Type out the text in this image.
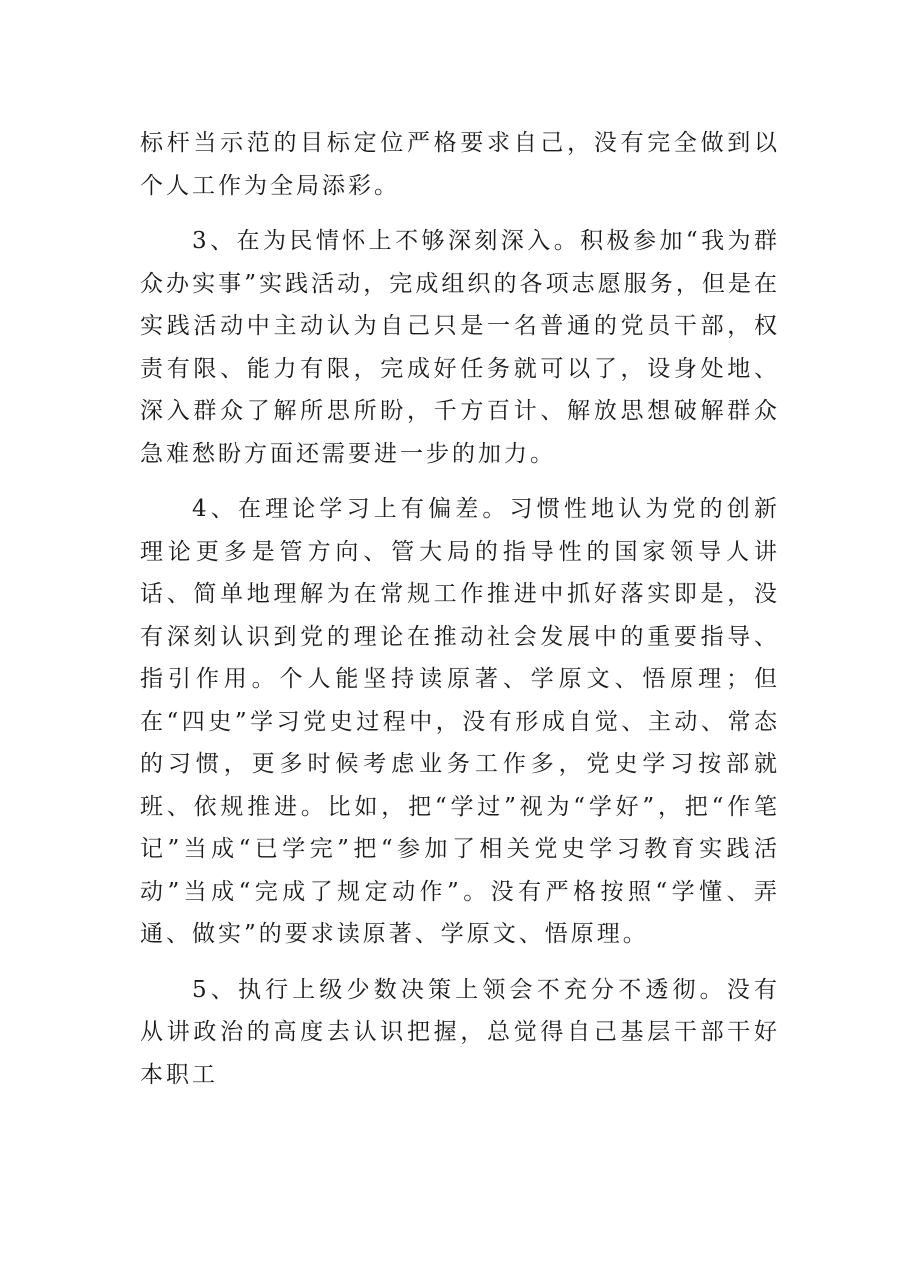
标杆当示范的目标定位严格要求自己，没有完全做到以个人工作为全局添彩。

3、在为民情怀上不够深刻深入。积极参加“我为群众办实事”实践活动，完成组织的各项志愿服务，但是在实践活动中主动认为自己只是一名普通的党员干部，权责有限、能力有限，完成好任务就可以了，设身处地、深入群众了解所思所盼，千方百计、解放思想破解群众急难愁盼方面还需要进一步的加力。

4、在理论学习上有偏差。习惯性地认为党的创新理论更多是管方向、管大局的指导性的国家领导人讲话、简单地理解为在常规工作推进中抓好落实即是，没有深刻认识到党的理论在推动社会发展中的重要指导、指引作用。个人能坚持读原著、学原文、悟原理；但在“四史”学习党史过程中，没有形成自觉、主动、常态的习惯，更多时候考虑业务工作多，党史学习按部就班、依规推进。比如，把“学过”视为“学好”，把“作笔记”当成“已学完”把“参加了相关党史学习教育实践活动”当成“完成了规定动作”。没有严格按照“学懂、弄通、做实”的要求读原著、学原文、悟原理。

5、执行上级少数决策上领会不充分不透彻。没有从讲政治的高度去认识把握，总觉得自己基层干部干好本职工
